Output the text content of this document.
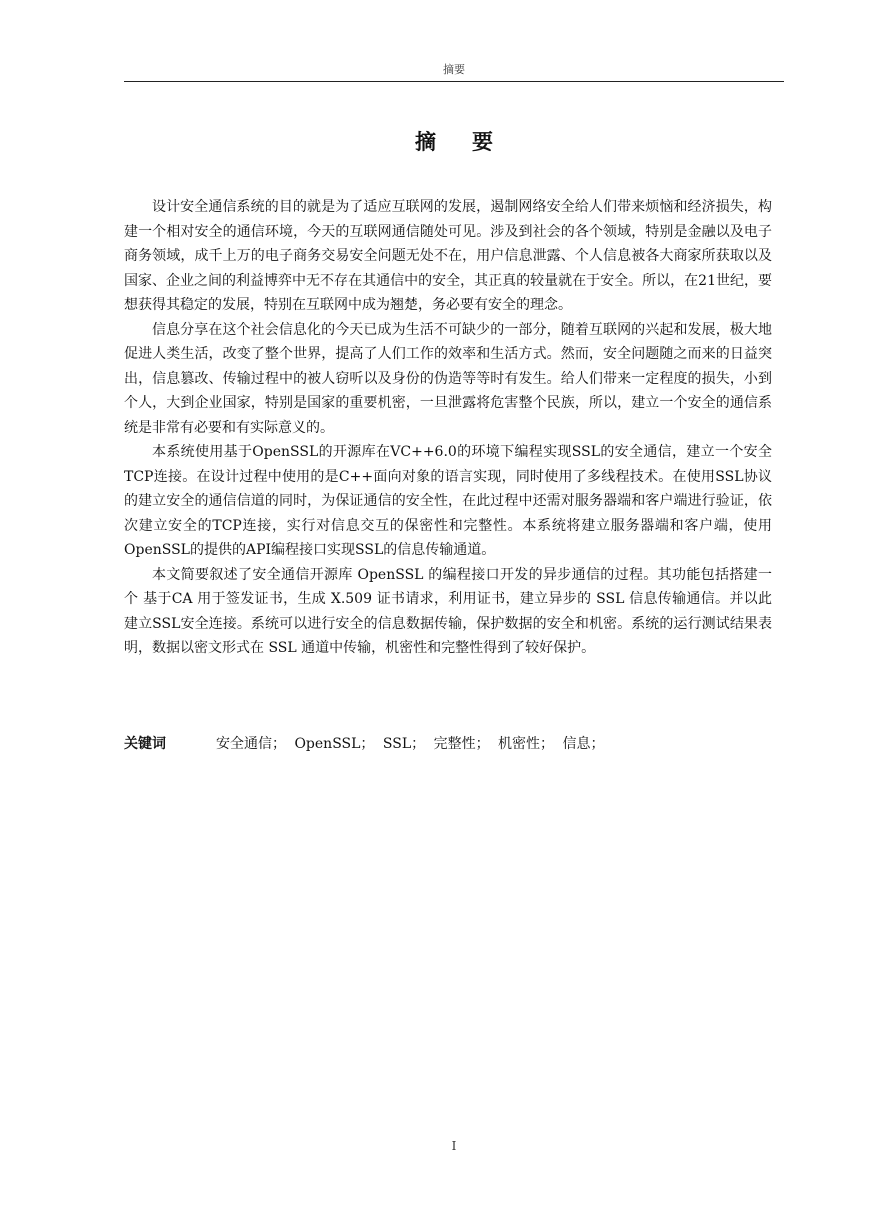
摘要
摘要

设计安全通信系统的目的就是为了适应互联网的发展，遏制网络安全给人们带来烦恼和经济损失，构建一个相对安全的通信环境，今天的互联网通信随处可见。涉及到社会的各个领域，特别是金融以及电子商务领域，成千上万的电子商务交易安全问题无处不在，用户信息泄露、个人信息被各大商家所获取以及国家、企业之间的利益博弈中无不存在其通信中的安全，其正真的较量就在于安全。所以，在21世纪，要想获得其稳定的发展，特别在互联网中成为翘楚，务必要有安全的理念。

信息分享在这个社会信息化的今天已成为生活不可缺少的一部分，随着互联网的兴起和发展，极大地促进人类生活，改变了整个世界，提高了人们工作的效率和生活方式。然而，安全问题随之而来的日益突出，信息篡改、传输过程中的被人窃听以及身份的伪造等等时有发生。给人们带来一定程度的损失，小到个人，大到企业国家，特别是国家的重要机密，一旦泄露将危害整个民族，所以，建立一个安全的通信系统是非常有必要和有实际意义的。

本系统使用基于OpenSSL的开源库在VC++6.0的环境下编程实现SSL的安全通信，建立一个安全TCP连接。在设计过程中使用的是C++面向对象的语言实现，同时使用了多线程技术。在使用SSL协议的建立安全的通信信道的同时，为保证通信的安全性，在此过程中还需对服务器端和客户端进行验证，依次建立安全的TCP连接，实行对信息交互的保密性和完整性。本系统将建立服务器端和客户端，使用OpenSSL的提供的API编程接口实现SSL的信息传输通道。

本文简要叙述了安全通信开源库 OpenSSL 的编程接口开发的异步通信的过程。其功能包括搭建一个 基于CA 用于签发证书，生成 X.509 证书请求，利用证书，建立异步的 SSL 信息传输通信。并以此建立SSL安全连接。系统可以进行安全的信息数据传输，保护数据的安全和机密。系统的运行测试结果表明，数据以密文形式在 SSL 通道中传输，机密性和完整性得到了较好保护。

关键词	安全通信； OpenSSL； SSL； 完整性； 机密性； 信息；
I
